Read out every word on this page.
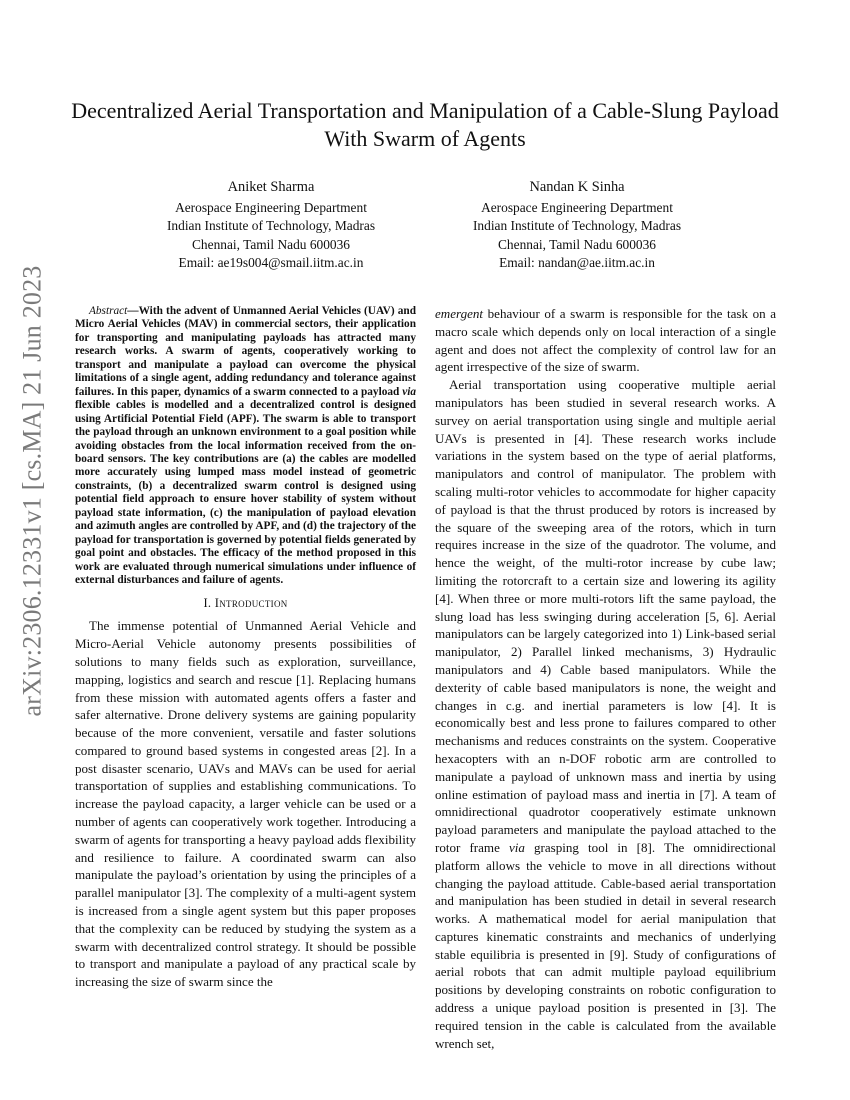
arXiv:2306.12331v1 [cs.MA] 21 Jun 2023
Decentralized Aerial Transportation and Manipulation of a Cable-Slung Payload With Swarm of Agents
Aniket Sharma
Aerospace Engineering Department
Indian Institute of Technology, Madras
Chennai, Tamil Nadu 600036
Email: ae19s004@smail.iitm.ac.in
Nandan K Sinha
Aerospace Engineering Department
Indian Institute of Technology, Madras
Chennai, Tamil Nadu 600036
Email: nandan@ae.iitm.ac.in

Abstract—With the advent of Unmanned Aerial Vehicles (UAV) and Micro Aerial Vehicles (MAV) in commercial sectors, their application for transporting and manipulating payloads has attracted many research works. A swarm of agents, cooperatively working to transport and manipulate a payload can overcome the physical limitations of a single agent, adding redundancy and tolerance against failures. In this paper, dynamics of a swarm connected to a payload via flexible cables is modelled and a decentralized control is designed using Artificial Potential Field (APF). The swarm is able to transport the payload through an unknown environment to a goal position while avoiding obstacles from the local information received from the on-board sensors. The key contributions are (a) the cables are modelled more accurately using lumped mass model instead of geometric constraints, (b) a decentralized swarm control is designed using potential field approach to ensure hover stability of system without payload state information, (c) the manipulation of payload elevation and azimuth angles are controlled by APF, and (d) the trajectory of the payload for transportation is governed by potential fields generated by goal point and obstacles. The efficacy of the method proposed in this work are evaluated through numerical simulations under influence of external disturbances and failure of agents.

I. Introduction

The immense potential of Unmanned Aerial Vehicle and Micro-Aerial Vehicle autonomy presents possibilities of solutions to many fields such as exploration, surveillance, mapping, logistics and search and rescue [1]. Replacing humans from these mission with automated agents offers a faster and safer alternative. Drone delivery systems are gaining popularity because of the more convenient, versatile and faster solutions compared to ground based systems in congested areas [2]. In a post disaster scenario, UAVs and MAVs can be used for aerial transportation of supplies and establishing communications. To increase the payload capacity, a larger vehicle can be used or a number of agents can cooperatively work together. Introducing a swarm of agents for transporting a heavy payload adds flexibility and resilience to failure. A coordinated swarm can also manipulate the payload’s orientation by using the principles of a parallel manipulator [3]. The complexity of a multi-agent system is increased from a single agent system but this paper proposes that the complexity can be reduced by studying the system as a swarm with decentralized control strategy. It should be possible to transport and manipulate a payload of any practical scale by increasing the size of swarm since the

emergent behaviour of a swarm is responsible for the task on a macro scale which depends only on local interaction of a single agent and does not affect the complexity of control law for an agent irrespective of the size of swarm.

Aerial transportation using cooperative multiple aerial manipulators has been studied in several research works. A survey on aerial transportation using single and multiple aerial UAVs is presented in [4]. These research works include variations in the system based on the type of aerial platforms, manipulators and control of manipulator. The problem with scaling multi-rotor vehicles to accommodate for higher capacity of payload is that the thrust produced by rotors is increased by the square of the sweeping area of the rotors, which in turn requires increase in the size of the quadrotor. The volume, and hence the weight, of the multi-rotor increase by cube law; limiting the rotorcraft to a certain size and lowering its agility [4]. When three or more multi-rotors lift the same payload, the slung load has less swinging during acceleration [5, 6]. Aerial manipulators can be largely categorized into 1) Link-based serial manipulator, 2) Parallel linked mechanisms, 3) Hydraulic manipulators and 4) Cable based manipulators. While the dexterity of cable based manipulators is none, the weight and changes in c.g. and inertial parameters is low [4]. It is economically best and less prone to failures compared to other mechanisms and reduces constraints on the system. Cooperative hexacopters with an n-DOF robotic arm are controlled to manipulate a payload of unknown mass and inertia by using online estimation of payload mass and inertia in [7]. A team of omnidirectional quadrotor cooperatively estimate unknown payload parameters and manipulate the payload attached to the rotor frame via grasping tool in [8]. The omnidirectional platform allows the vehicle to move in all directions without changing the payload attitude. Cable-based aerial transportation and manipulation has been studied in detail in several research works. A mathematical model for aerial manipulation that captures kinematic constraints and mechanics of underlying stable equilibria is presented in [9]. Study of configurations of aerial robots that can admit multiple payload equilibrium positions by developing constraints on robotic configuration to address a unique payload position is presented in [3]. The required tension in the cable is calculated from the available wrench set,
